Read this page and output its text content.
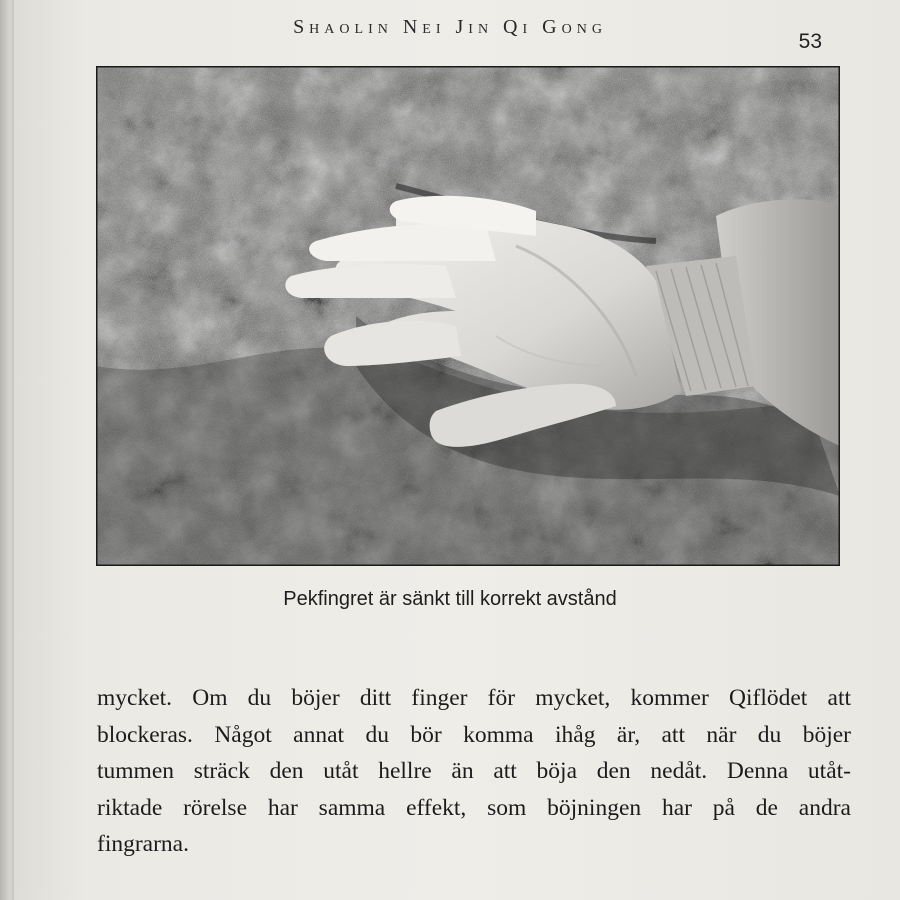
Shaolin Nei Jin Qi Gong
53
Pekfingret är sänkt till korrekt avstånd
mycket. Om du böjer ditt finger för mycket, kommer Qiflödet att
blockeras. Något annat du bör komma ihåg är, att när du böjer
tummen sträck den utåt hellre än att böja den nedåt. Denna utåt-
riktade rörelse har samma effekt, som böjningen har på de andra
fingrarna.
